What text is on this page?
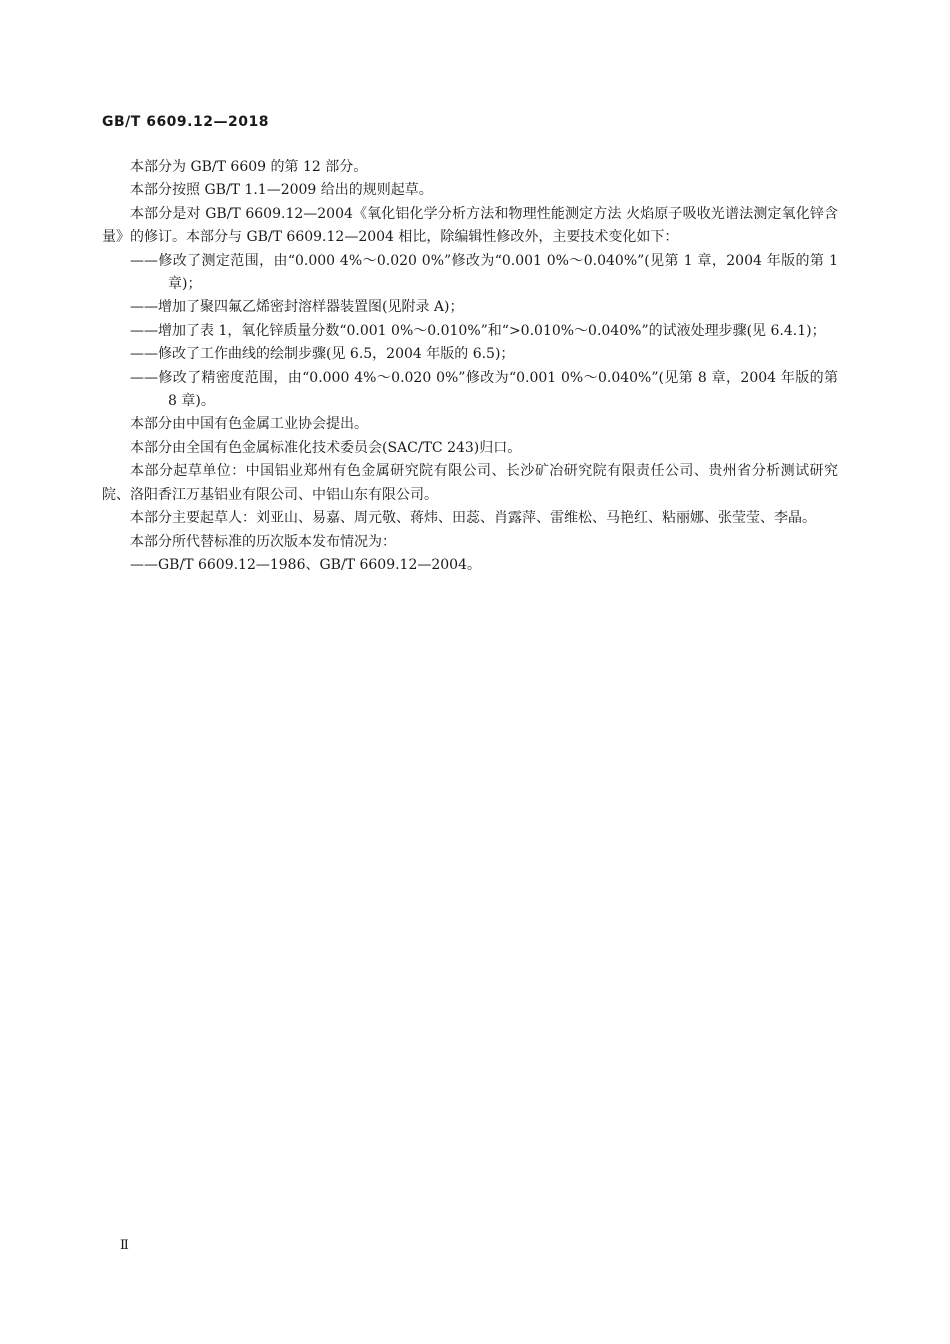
GB/T 6609.12—2018

本部分为 GB/T 6609 的第 12 部分。

本部分按照 GB/T 1.1—2009 给出的规则起草。

本部分是对 GB/T 6609.12—2004《氧化铝化学分析方法和物理性能测定方法 火焰原子吸收光谱法测定氧化锌含量》的修订。本部分与 GB/T 6609.12—2004 相比，除编辑性修改外，主要技术变化如下：

——修改了测定范围，由“0.000 4%～0.020 0%”修改为“0.001 0%～0.040%”(见第 1 章，2004 年版的第 1 章)；

——增加了聚四氟乙烯密封溶样器装置图(见附录 A)；

——增加了表 1，氧化锌质量分数“0.001 0%～0.010%”和“>0.010%～0.040%”的试液处理步骤(见 6.4.1)；

——修改了工作曲线的绘制步骤(见 6.5，2004 年版的 6.5)；

——修改了精密度范围，由“0.000 4%～0.020 0%”修改为“0.001 0%～0.040%”(见第 8 章，2004 年版的第 8 章)。

本部分由中国有色金属工业协会提出。

本部分由全国有色金属标准化技术委员会(SAC/TC 243)归口。

本部分起草单位：中国铝业郑州有色金属研究院有限公司、长沙矿冶研究院有限责任公司、贵州省分析测试研究院、洛阳香江万基铝业有限公司、中铝山东有限公司。

本部分主要起草人：刘亚山、易嘉、周元敬、蒋炜、田蕊、肖露萍、雷维松、马艳红、粘丽娜、张莹莹、李晶。

本部分所代替标准的历次版本发布情况为：

——GB/T 6609.12—1986、GB/T 6609.12—2004。

Ⅱ
